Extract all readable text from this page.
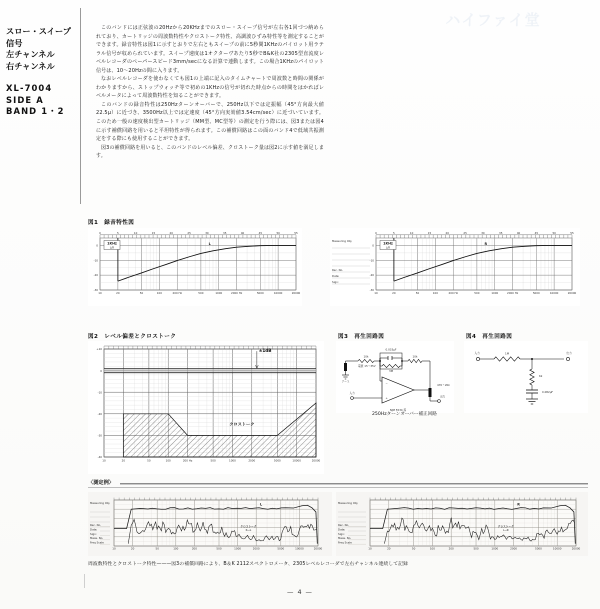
ハイファイ堂
スロー・スイープ
信号
左チャンネル
右チャンネル
XL-7004
SIDE A
BAND 1・2

このバンドには正弦波の20Hzから20KHzまでのスロー・スイープ信号が左右各1回づつ納められており、カートリッジの周波数特性やクロストーク特性、高調波ひずみ特性等を測定することができます。録音特性は図1に示すとおりで左右ともスイープの前に5秒間1KHzのパイロット用ラテラル信号が収められています。スイープ速度は1オクターヴあたり5秒でB&K社の2305型直流度レベルレコーダのペーパースピード3mm/secになる計算で連動します。この場合1KHzのパイロット信号は、10〜20Hzの間に入ります。

なおレベルレコーダを使わなくても図1の上端に記入のタイムチャートで周波数と時間の関係がわかりますから、ストップウォッチ等で初めの1KHzの信号が切れた時点からの時間をはかればレベルメータによって周波数特性を知ることができます。

このバンドの録音特性は250Hzターンオーバーで、250Hz以下では定振幅（45°方向最大値22.5μ）に近づき、3500Hz以上では定速度（45°方向実効値3.54cm/sec）に近づいています。このため一般の速度検出型カートリッジ（MM型、MC型等）の測定を行う際には、図3または図4に示す補償回路を用いると平坦特性が得られます。この補償回路はこの面のバンド4で低域共振測定をする際にも使用することができます。

図3の補償回路を用いると、このバンドのレベル偏差、クロストーク量は図2に示す値を満足します。

図1　録音特性図
0	5	10	15	20	25	30	35	40	45	50	55
1KHz
L/R
L
10	20	50	100	200 Hz	500	1000	2000 Hz	5000	10000	20000
0
-10
-20
-30
0	5	10	15	20	25	30	35	40	45	50	55
1KHz
L/R
R
10	20	50	100	200 Hz	500	1000	2000 Hz	5000	10000	20000
0
-10
-20
-30
Measuring Obj.
Rec. No.
Date:
Sign:
図2　レベル偏差とクロストーク
±1dB
クロストーク
+10
0
-10
-20
-30
-40
10	20	50	100	200 Hz	500	1000	2000	5000	10000	20000
図3　再生回路図
0.033μF
3M
10k
電源 15〜35V
アース
10k
−
+
入力
470〜20k
出力
NJM 5534 等
250Hzターンオーバー補正回路
図4　再生回路図
入力	1M	出力
6k
0.082μF
〈測定例〉
L
クロストーク
R→L
10	20	50	100	200	500	1000	2000	5000	10000	20000
Measuring Obj.
Rec. No.
Date:
Sign:
Meas. No.
Freq Scale
R
クロストーク
L→R
10	20	50	100	200	500	1000	2000	5000	10000	20000
Measuring Obj.
Rec. No.
Date:
Sign:
Meas. No.
Freq Scale
周波数特性とクロストーク特性———図3の補償回路により、B＆K 2112スペクトロメータ、2305レベルレコーダで左右チャンネル連続して記録
— 4 —
